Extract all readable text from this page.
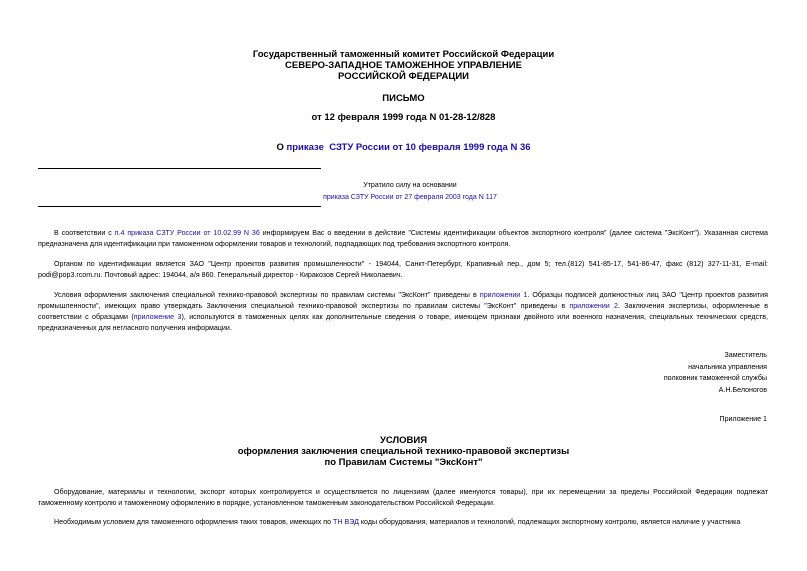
Государственный таможенный комитет Российской Федерации
СЕВЕРО-ЗАПАДНОЕ ТАМОЖЕННОЕ УПРАВЛЕНИЕ
РОССИЙСКОЙ ФЕДЕРАЦИИ
ПИСЬМО
от 12 февраля 1999 года N 01-28-12/828
О приказе СЗТУ России от 10 февраля 1999 года N 36
Утратило силу на основании
приказа СЗТУ России от 27 февраля 2003 года N 117
В соответствии с п.4 приказа СЗТУ России от 10.02.99 N 36 информируем Вас о введении в действие "Системы идентификации объектов экспортного контроля" (далее система "ЭксКонт"). Указанная система предназначена для идентификации при таможенном оформлении товаров и технологий, подпадающих под требования экспортного контроля.
Органом по идентификации является ЗАО "Центр проектов развития промышленности" - 194044, Санкт-Петербург, Крапивный пер., дом 5; тел.(812) 541-85-17, 541-86-47, факс (812) 327-11-31, E-mail: podi@pop3.rcom.ru. Почтовый адрес: 194044, а/я 860. Генеральный директор - Киракозов Сергей Николаевич.
Условия оформления заключения специальной технико-правовой экспертизы по правилам системы "ЭксКонт" приведены в приложении 1. Образцы подписей должностных лиц ЗАО "Центр проектов развития промышленности", имеющих право утверждать Заключения специальной технико-правовой экспертизы по правилам системы "ЭксКонт" приведены в приложении 2. Заключения экспертизы, оформленные в соответствии с образцами (приложение 3), используются в таможенных целях как дополнительные сведения о товаре, имеющем признаки двойного или военного назначения, специальных технических средств, предназначенных для негласного получения информации.
Заместитель
начальника управления
полковник таможенной службы
А.Н.Белоногов
Приложение 1
УСЛОВИЯ
оформления заключения специальной технико-правовой экспертизы
по Правилам Системы "ЭксКонт"
Оборудование, материалы и технологии, экспорт которых контролируется и осуществляется по лицензиям (далее именуются товары), при их перемещении за пределы Российской Федерации подлежат таможенному контролю и таможенному оформлению в порядке, установленном таможенным законодательством Российской Федерации.
Необходимым условием для таможенного оформления таких товаров, имеющих по ТН ВЭД коды оборудования, материалов и технологий, подлежащих экспортному контролю, является наличие у участника
